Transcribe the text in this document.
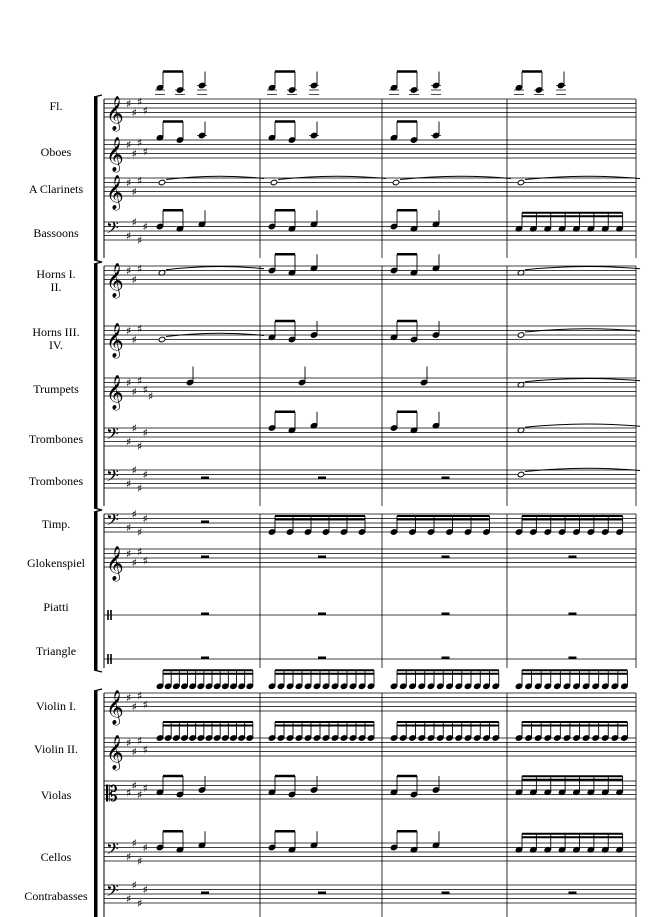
Fl.
Oboes
A Clarinets
Bassoons
Horns I.
II.
Horns III.
IV.
Trumpets
Trombones
Trombones
Timp.
Glokenspiel
Piatti
Triangle
Violin I.
Violin II.
Violas
Cellos
Contrabasses
𝄞 ♯
♯
♯
♯
𝄞 ♯
♯
♯
♯
𝄞 ♯
♯
♯
𝄢 ♯
♯
♯
♯
𝄞 ♯
♯
♯
𝄞 ♯
♯
♯
𝄞 ♯
♯
♯
♯
♯
𝄢 ♯
♯
♯
♯
𝄢 ♯
♯
♯
♯
𝄢 ♯
♯
♯
♯
𝄞 ♯
♯
♯
♯
𝄞 ♯
♯
♯
♯
𝄞 ♯
♯
♯
♯
𝄡 ♯
♯
♯
♯
𝄢 ♯
♯
♯
♯
𝄢 ♯
♯
♯
♯
